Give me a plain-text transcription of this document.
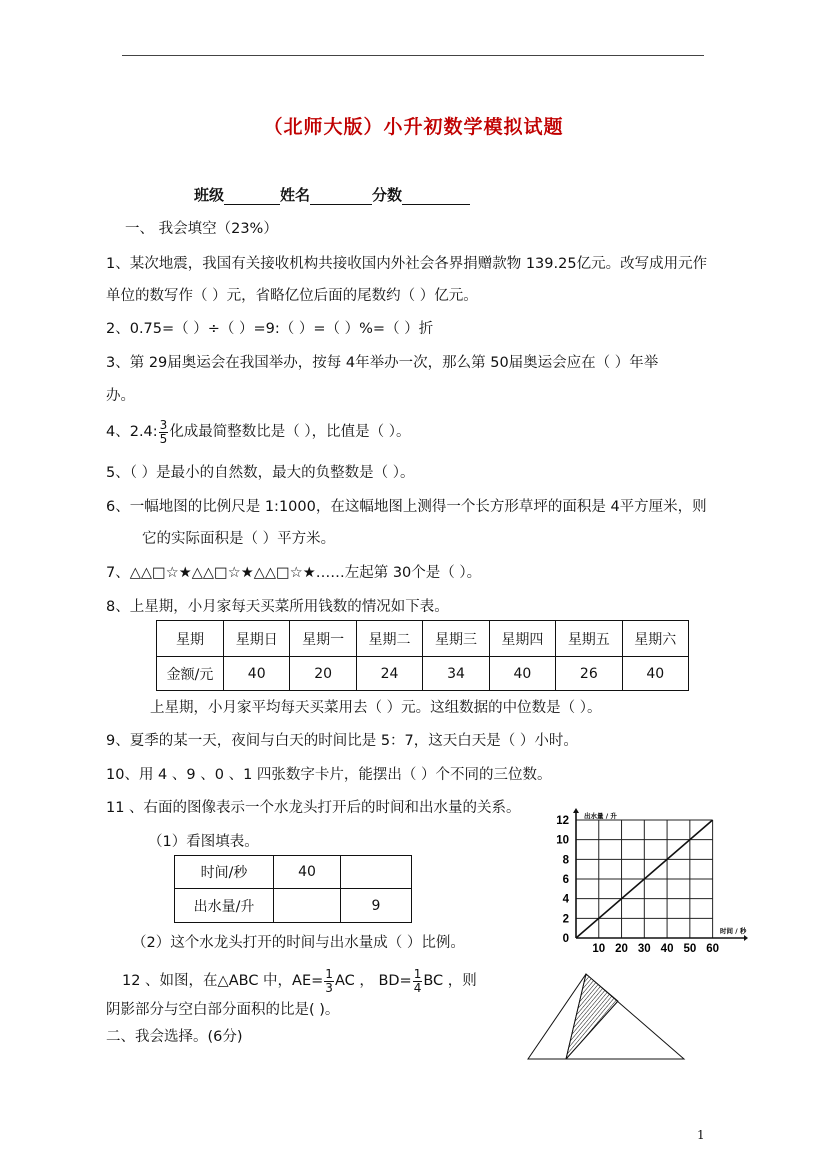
（北师大版）小升初数学模拟试题
班级	姓名	分数
一、 我会填空（23%）
1、某次地震，我国有关接收机构共接收国内外社会各界捐赠款物 139.25亿元。改写成用元作
单位的数写作（ ）元，省略亿位后面的尾数约（ ）亿元。
2、0.75=（ ）÷（ ）=9:（ ）=（ ）%=（ ）折
3、第 29届奥运会在我国举办，按每 4年举办一次，那么第 50届奥运会应在（ ）年举
办。
4、2.4: $\frac{3}{5}$ 化成最简整数比是（ ），比值是（ ）。
5、（ ）是最小的自然数，最大的负整数是（ ）。
6、一幅地图的比例尺是 1:1000，在这幅地图上测得一个长方形草坪的面积是 4平方厘米，则
它的实际面积是（ ）平方米。
7、△△□☆★△△□☆★△△□☆★……左起第 30个是（ ）。
8、上星期，小月家每天买菜所用钱数的情况如下表。
星期	星期日	星期一	星期二	星期三	星期四	星期五	星期六
金额/元	40	20	24	34	40	26	40
上星期，小月家平均每天买菜用去（ ）元。这组数据的中位数是（ ）。
9、夏季的某一天，夜间与白天的时间比是 5：7，这天白天是（ ）小时。
10、用 4 、9 、0 、1 四张数字卡片，能摆出（ ）个不同的三位数。
11 、右面的图像表示一个水龙头打开后的时间和出水量的关系。
（1）看图填表。
时间/秒	40	
出水量/升		9
（2）这个水龙头打开的时间与出水量成（ ）比例。	0
2
4
6
8
10
12
10 20 30 40 50 60
出水量 / 升
时间 / 秒
12 、如图，在△ABC 中，$AE= \frac{1}{3}$ AC ， $BD= \frac{1}{4}$ BC ，则
阴影部分与空白部分面积的比是( )。
二、我会选择。(6分)
1
